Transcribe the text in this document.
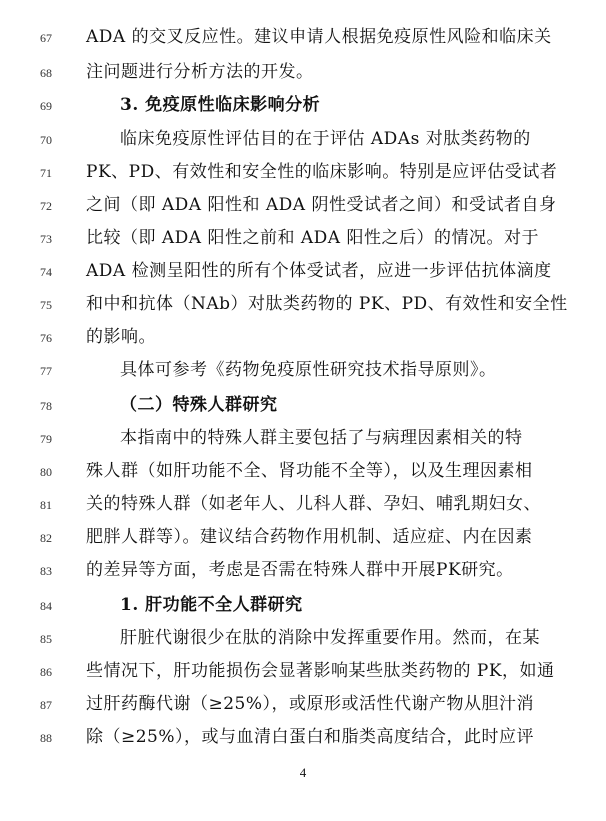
67	ADA 的交叉反应性。建议申请人根据免疫原性风险和临床关
68	注问题进行分析方法的开发。
69	3. 免疫原性临床影响分析
70	临床免疫原性评估目的在于评估 ADAs 对肽类药物的
71	PK、PD、有效性和安全性的临床影响。特别是应评估受试者
72	之间（即 ADA 阳性和 ADA 阴性受试者之间）和受试者自身
73	比较（即 ADA 阳性之前和 ADA 阳性之后）的情况。对于
74	ADA 检测呈阳性的所有个体受试者，应进一步评估抗体滴度
75	和中和抗体（NAb）对肽类药物的 PK、PD、有效性和安全性
76	的影响。
77	具体可参考《药物免疫原性研究技术指导原则》。
78	（二）特殊人群研究
79	本指南中的特殊人群主要包括了与病理因素相关的特
80	殊人群（如肝功能不全、肾功能不全等），以及生理因素相
81	关的特殊人群（如老年人、儿科人群、孕妇、哺乳期妇女、
82	肥胖人群等）。建议结合药物作用机制、适应症、内在因素
83	的差异等方面，考虑是否需在特殊人群中开展PK研究。
84	1. 肝功能不全人群研究
85	肝脏代谢很少在肽的消除中发挥重要作用。然而，在某
86	些情况下，肝功能损伤会显著影响某些肽类药物的 PK，如通
87	过肝药酶代谢（≥25%），或原形或活性代谢产物从胆汁消
88	除（≥25%），或与血清白蛋白和脂类高度结合，此时应评
4
